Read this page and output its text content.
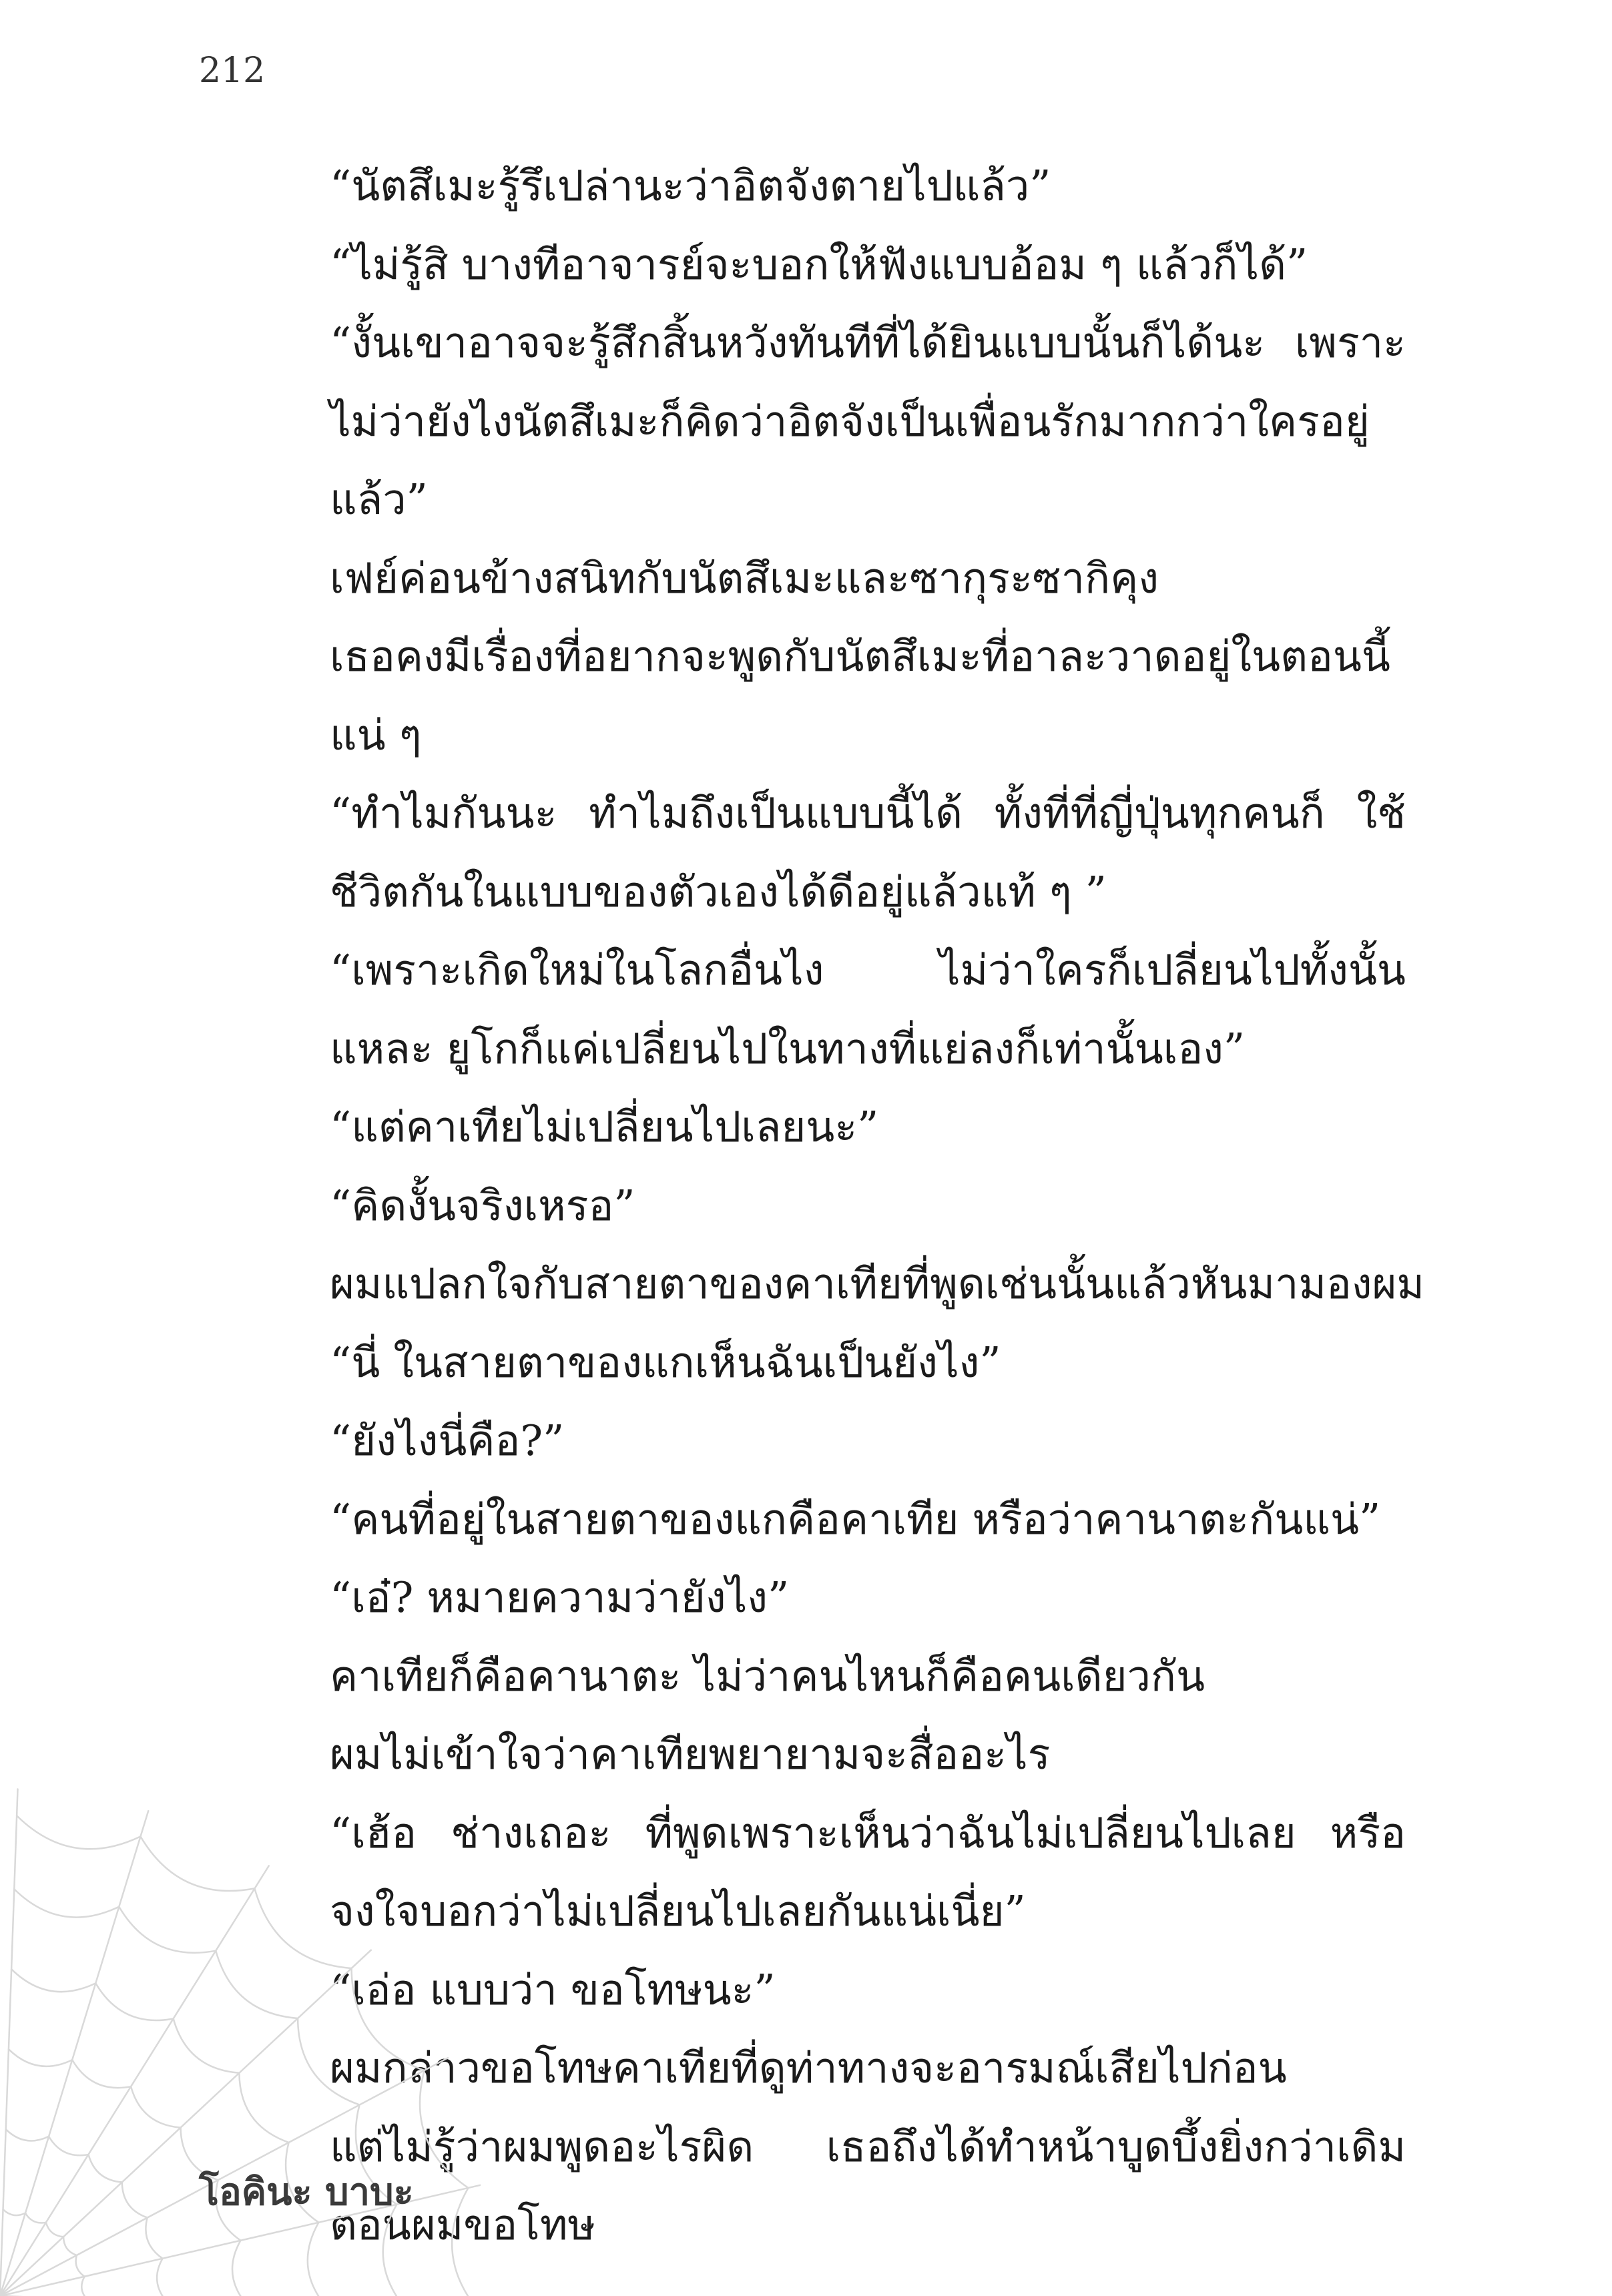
212

“นัตสึเมะรู้รึเปล่านะว่าอิตจังตายไปแล้ว”

“ไม่รู้สิ บางทีอาจารย์จะบอกให้ฟังแบบอ้อม ๆ แล้วก็ได้”

“งั้นเขาอาจจะรู้สึกสิ้นหวังทันทีที่ได้ยินแบบนั้นก็ได้นะ เพราะ ไม่ว่ายังไงนัตสึเมะก็คิดว่าอิตจังเป็นเพื่อนรักมากกว่าใครอยู่แล้ว”

เฟย์ค่อนข้างสนิทกับนัตสึเมะและซากุระซากิคุง

เธอคงมีเรื่องที่อยากจะพูดกับนัตสึเมะที่อาละวาดอยู่ในตอนนี้ แน่ ๆ

“ทำไมกันนะ ทำไมถึงเป็นแบบนี้ได้ ทั้งที่ที่ญี่ปุ่นทุกคนก็ ใช้ชีวิตกันในแบบของตัวเองได้ดีอยู่แล้วแท้ ๆ ”

“เพราะเกิดใหม่ในโลกอื่นไง ไม่ว่าใครก็เปลี่ยนไปทั้งนั้นแหละ ยูโกก็แค่เปลี่ยนไปในทางที่แย่ลงก็เท่านั้นเอง”

“แต่คาเทียไม่เปลี่ยนไปเลยนะ”

“คิดงั้นจริงเหรอ”

ผมแปลกใจกับสายตาของคาเทียที่พูดเช่นนั้นแล้วหันมามองผม

“นี่ ในสายตาของแกเห็นฉันเป็นยังไง”

“ยังไงนี่คือ?”

“คนที่อยู่ในสายตาของแกคือคาเทีย หรือว่าคานาตะกันแน่”

“เอ๋? หมายความว่ายังไง”

คาเทียก็คือคานาตะ ไม่ว่าคนไหนก็คือคนเดียวกัน

ผมไม่เข้าใจว่าคาเทียพยายามจะสื่ออะไร

“เฮ้อ ช่างเถอะ ที่พูดเพราะเห็นว่าฉันไม่เปลี่ยนไปเลย หรือจงใจบอกว่าไม่เปลี่ยนไปเลยกันแน่เนี่ย”

“เอ่อ แบบว่า ขอโทษนะ”

ผมกล่าวขอโทษคาเทียที่ดูท่าทางจะอารมณ์เสียไปก่อน

แต่ไม่รู้ว่าผมพูดอะไรผิด เธอถึงได้ทำหน้าบูดบึ้งยิ่งกว่าเดิม ตอนผมขอโทษ

โอคินะ บาบะ
